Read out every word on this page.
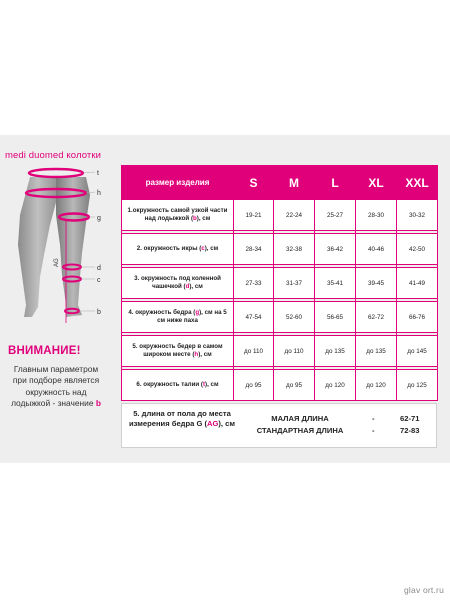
medi duomed колотки
t
h
g
AG
d
c
b
ВНИМАНИЕ!
Главным параметром
при подборе является
окружность над
лодыжкой - значение b
размер изделия	S	M	L	XL	XXL
1.окружность самой узкой части над лодыжкой (b), см	19-21	22-24	25-27	28-30	30-32

2. окружность икры (c), см	28-34	32-38	36-42	40-46	42-50

3. окружность под коленной чашечкой (d), см	27-33	31-37	35-41	39-45	41-49

4. окружность бедра (g), см на 5 см ниже паха	47-54	52-60	56-65	62-72	66-76

5. окружность бедер в самом широком месте (h), см	до 110	до 110	до 135	до 135	до 145

6. окружность талии (t), см	до 95	до 95	до 120	до 120	до 125
5. длина от пола до места измерения бедра G (AG), см
МАЛАЯ ДЛИНА	-	62-71
СТАНДАРТНАЯ ДЛИНА	-	72-83
glav ort.ru
